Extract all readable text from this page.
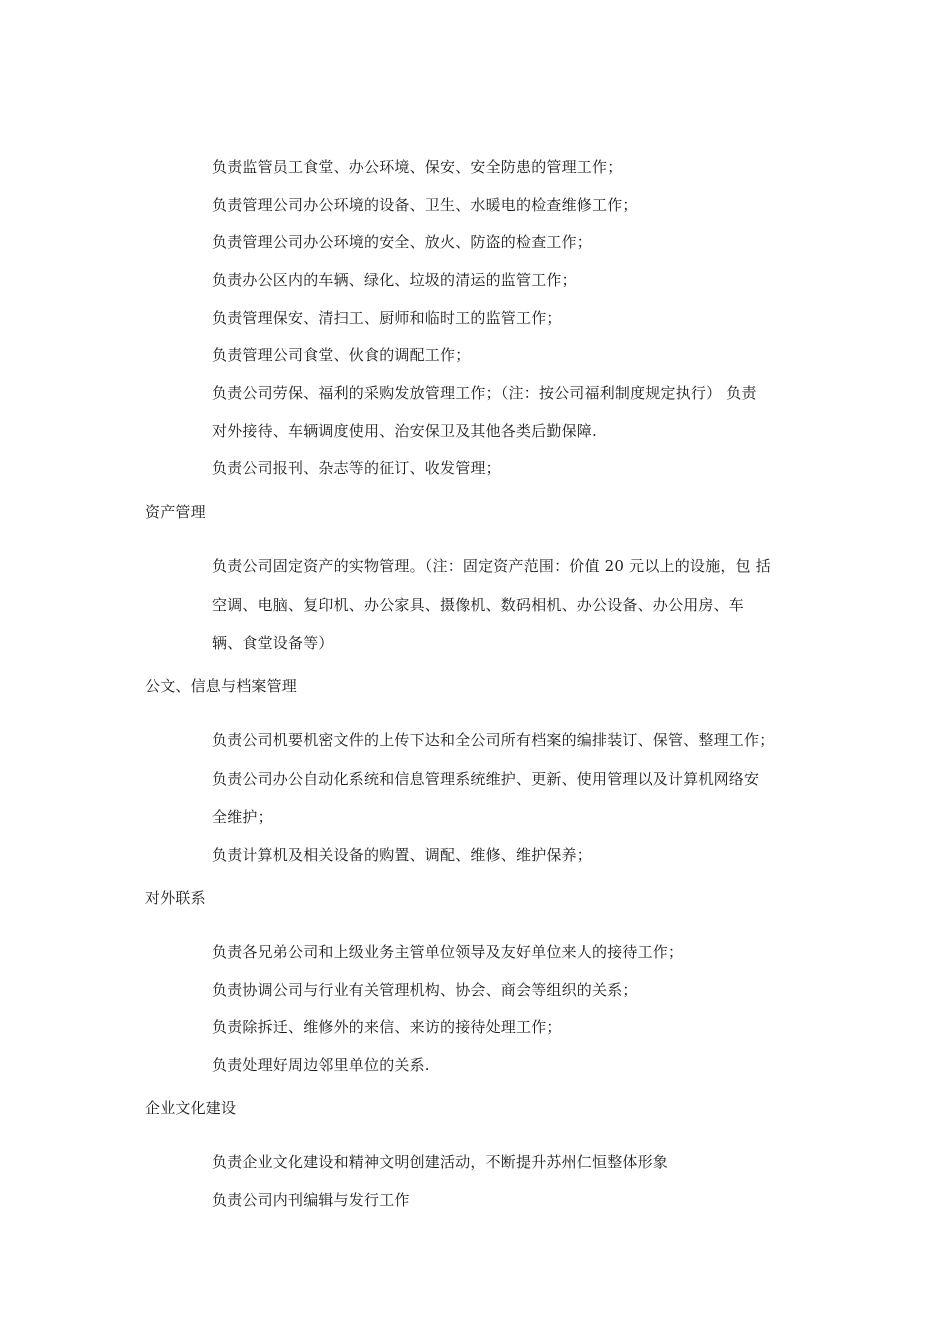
负责监管员工食堂、办公环境、保安、安全防患的管理工作；
负责管理公司办公环境的设备、卫生、水暖电的检查维修工作；
负责管理公司办公环境的安全、放火、防盗的检查工作；
负责办公区内的车辆、绿化、垃圾的清运的监管工作；
负责管理保安、清扫工、厨师和临时工的监管工作；
负责管理公司食堂、伙食的调配工作；
负责公司劳保、福利的采购发放管理工作；（注：按公司福利制度规定执行） 负责
对外接待、车辆调度使用、治安保卫及其他各类后勤保障.
负责公司报刊、杂志等的征订、收发管理；
资产管理
负责公司固定资产的实物管理。（注：固定资产范围：价值 20 元以上的设施，包 括
空调、电脑、复印机、办公家具、摄像机、数码相机、办公设备、办公用房、车
辆、食堂设备等）
公文、信息与档案管理
负责公司机要机密文件的上传下达和全公司所有档案的编排装订、保管、整理工作；
负责公司办公自动化系统和信息管理系统维护、更新、使用管理以及计算机网络安
全维护；
负责计算机及相关设备的购置、调配、维修、维护保养；
对外联系
负责各兄弟公司和上级业务主管单位领导及友好单位来人的接待工作；
负责协调公司与行业有关管理机构、协会、商会等组织的关系；
负责除拆迁、维修外的来信、来访的接待处理工作；
负责处理好周边邻里单位的关系.
企业文化建设
负责企业文化建设和精神文明创建活动，不断提升苏州仁恒整体形象
负责公司内刊编辑与发行工作
